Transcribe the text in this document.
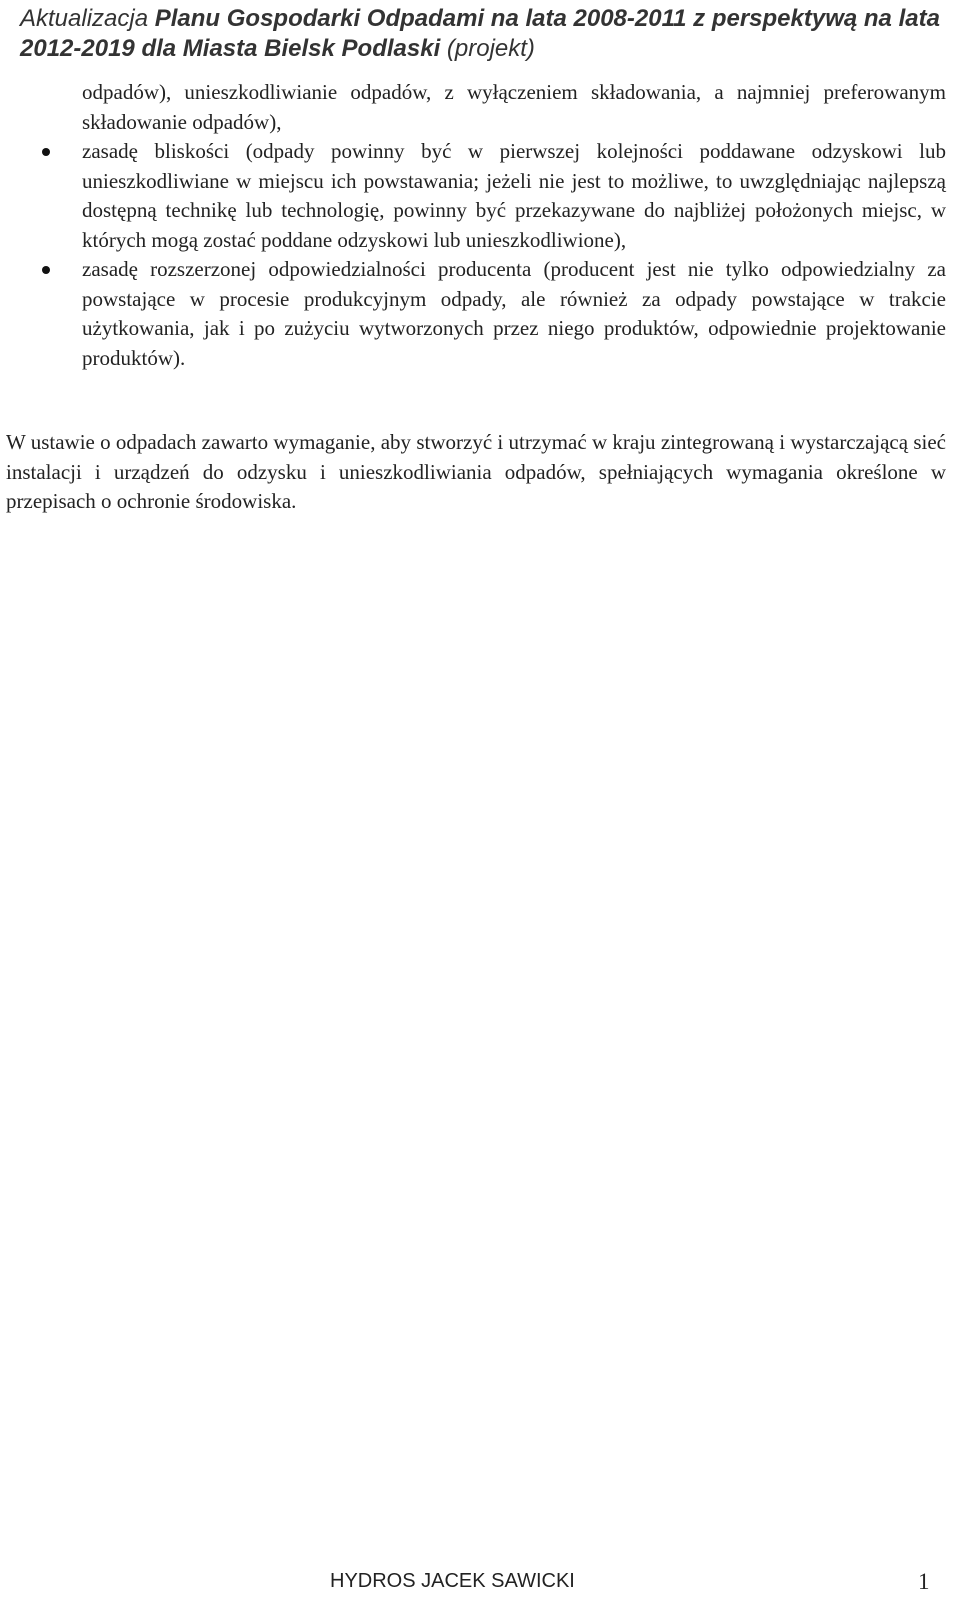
Aktualizacja Planu Gospodarki Odpadami na lata 2008-2011 z perspektywą na lata 2012-2019 dla Miasta Bielsk Podlaski (projekt)
odpadów), unieszkodliwianie odpadów, z wyłączeniem składowania, a najmniej preferowanym składowanie odpadów),
zasadę bliskości (odpady powinny być w pierwszej kolejności poddawane odzyskowi lub unieszkodliwiane w miejscu ich powstawania; jeżeli nie jest to możliwe, to uwzględniając najlepszą dostępną technikę lub technologię, powinny być przekazywane do najbliżej położonych miejsc, w których mogą zostać poddane odzyskowi lub unieszkodliwione),
zasadę rozszerzonej odpowiedzialności producenta (producent jest nie tylko odpowiedzialny za powstające w procesie produkcyjnym odpady, ale również za odpady powstające w trakcie użytkowania, jak i po zużyciu wytworzonych przez niego produktów, odpowiednie projektowanie produktów).

W ustawie o odpadach zawarto wymaganie, aby stworzyć i utrzymać w kraju zintegrowaną i wystarczającą sieć instalacji i urządzeń do odzysku i unieszkodliwiania odpadów, spełniających wymagania określone w przepisach o ochronie środowiska.

HYDROS JACEK SAWICKI	1
